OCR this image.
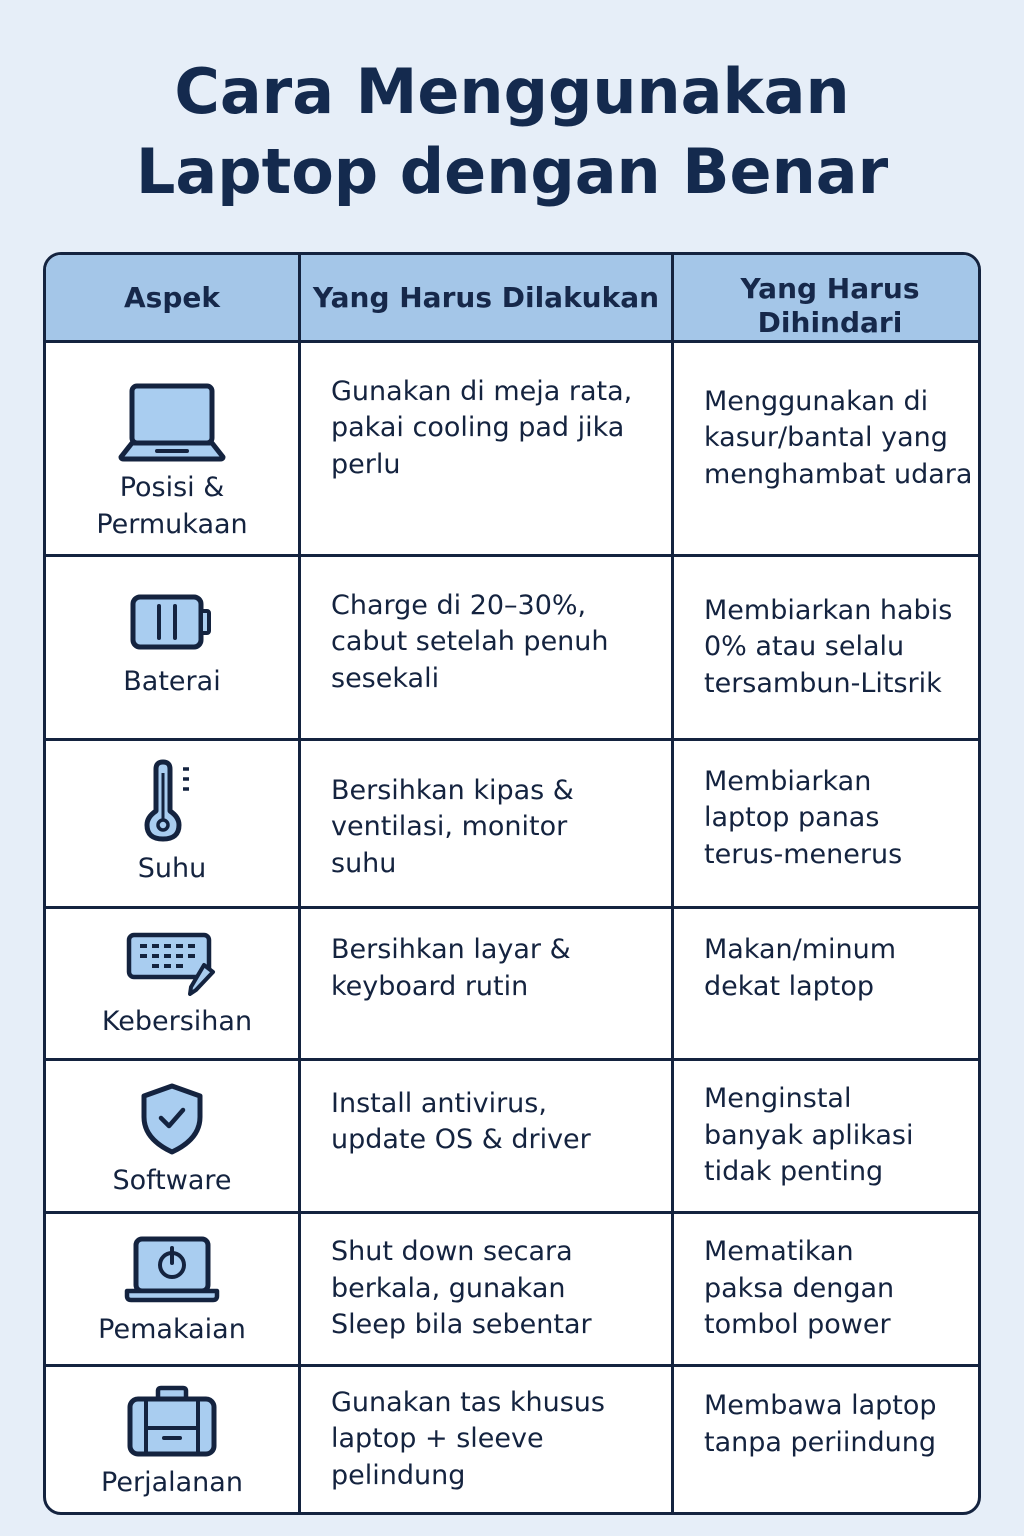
Cara Menggunakan
Laptop dengan Benar
Aspek	Yang Harus Dilakukan	Yang Harus Dihindari
Posisi & Permukaan
Gunakan di meja rata, pakai cooling pad jika perlu
Menggunakan di kasur/bantal yang menghambat udara
Baterai
Charge di 20–30%, cabut setelah penuh sesekali
Membiarkan habis 0% atau selalu tersambun-Litsrik
Suhu
Bersihkan kipas & ventilasi, monitor suhu
Membiarkan laptop panas terus-menerus
Kebersihan
Bersihkan layar & keyboard rutin
Makan/minum dekat laptop
Software
Install antivirus, update OS & driver
Menginstal banyak aplikasi tidak penting
Pemakaian
Shut down secara berkala, gunakan Sleep bila sebentar
Mematikan paksa dengan tombol power
Perjalanan
Gunakan tas khusus laptop + sleeve pelindung
Membawa laptop tanpa periindung
